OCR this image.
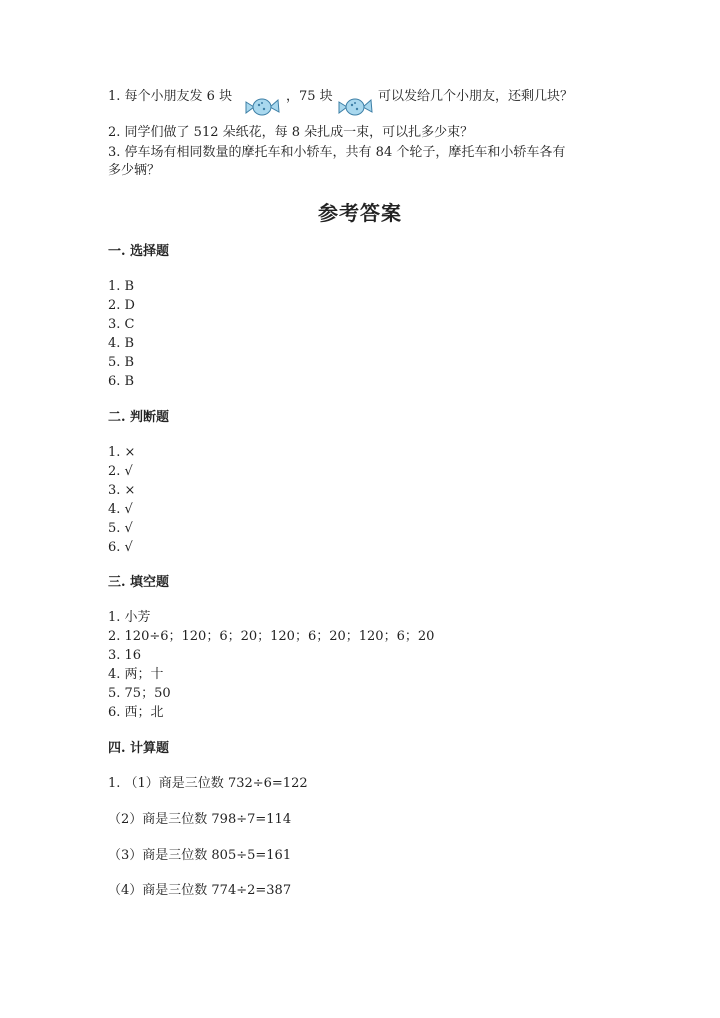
1. 每个小朋友发 6 块	，75 块	可以发给几个小朋友，还剩几块？
2. 同学们做了 512 朵纸花，每 8 朵扎成一束，可以扎多少束？
3. 停车场有相同数量的摩托车和小轿车，共有 84 个轮子，摩托车和小轿车各有
多少辆？
参考答案
一. 选择题
1. B
2. D
3. C
4. B
5. B
6. B
二. 判断题
1. ×
2. √
3. ×
4. √
5. √
6. √
三. 填空题
1. 小芳
2. 120÷6；120；6；20；120；6；20；120；6；20
3. 16
4. 两；十
5. 75；50
6. 西；北
四. 计算题
1. （1）商是三位数 732÷6=122
（2）商是三位数 798÷7=114
（3）商是三位数 805÷5=161
（4）商是三位数 774÷2=387
